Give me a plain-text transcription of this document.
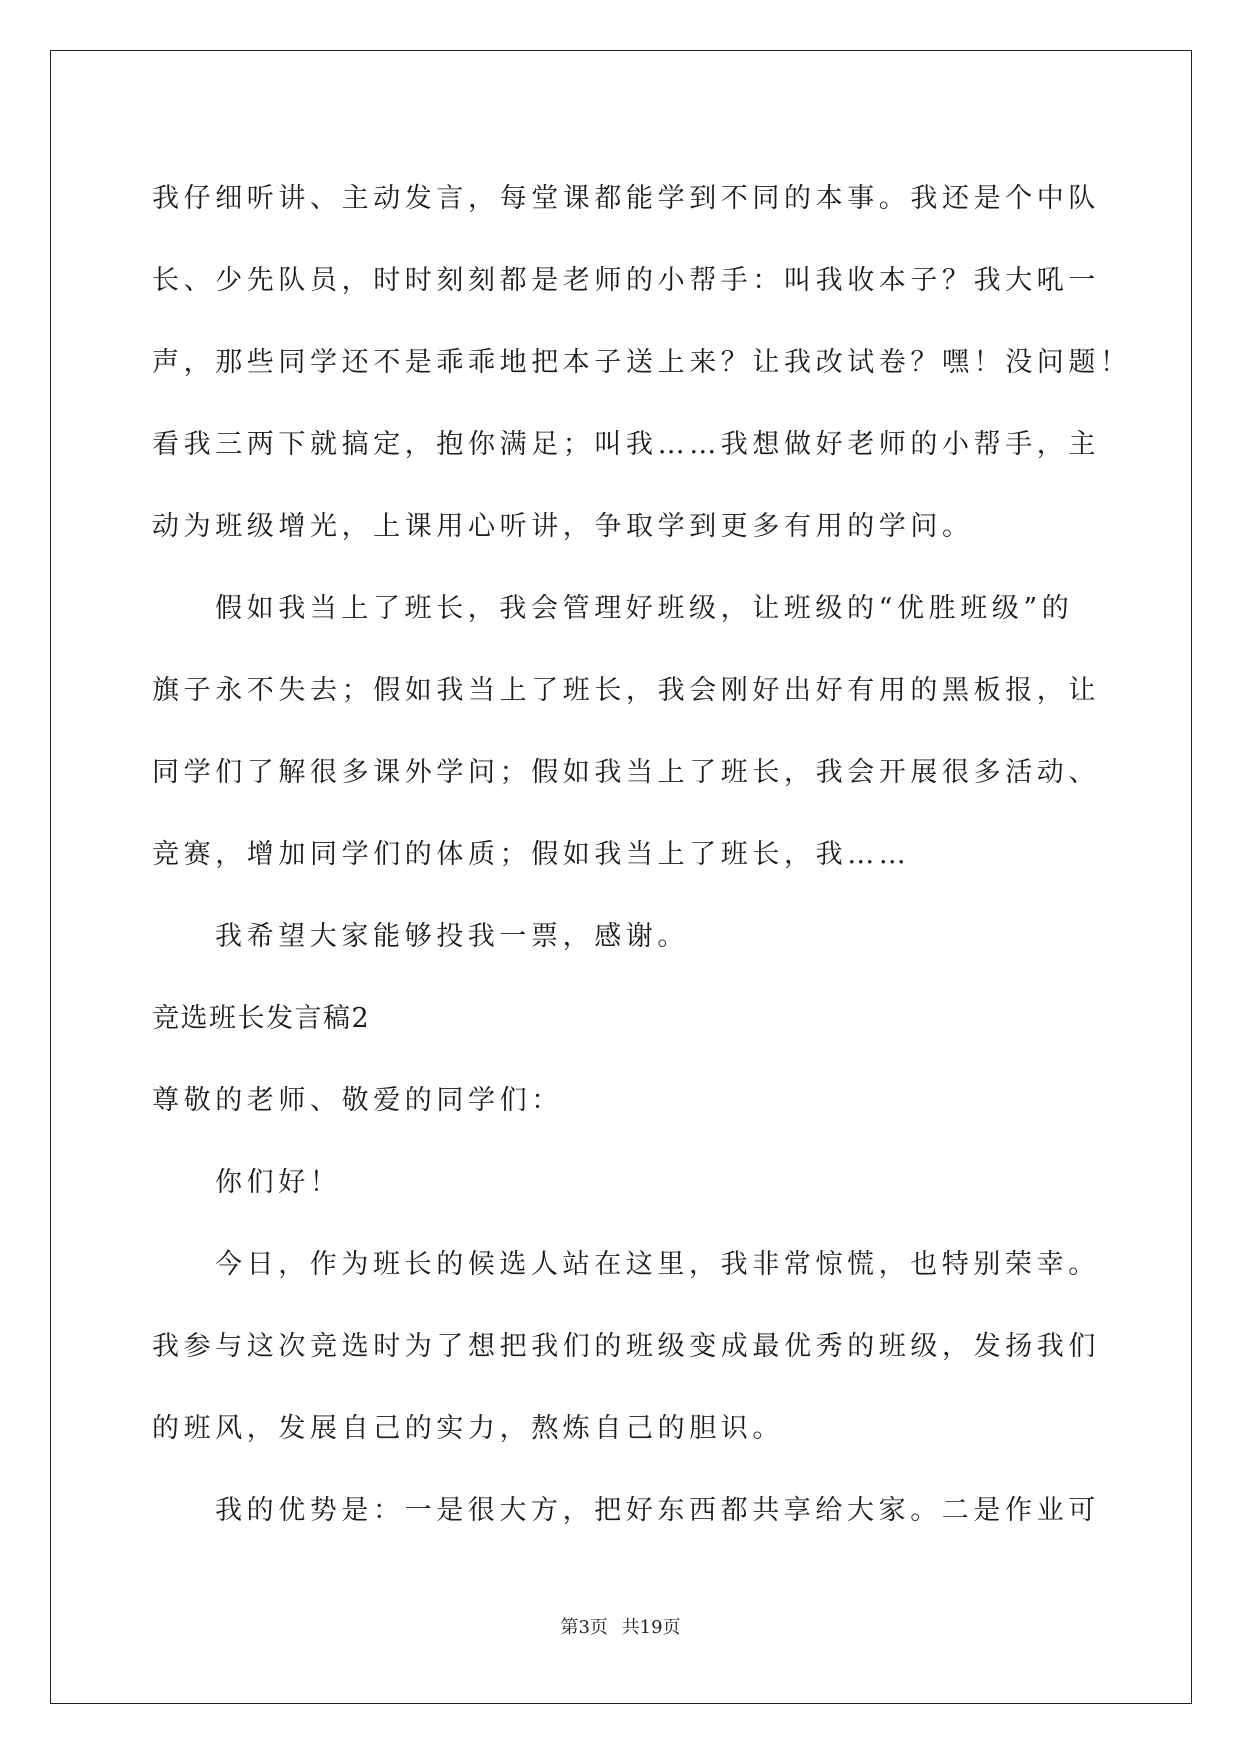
我仔细听讲、主动发言，每堂课都能学到不同的本事。我还是个中队

长、少先队员，时时刻刻都是老师的小帮手：叫我收本子？我大吼一

声，那些同学还不是乖乖地把本子送上来？让我改试卷？嘿！没问题！

看我三两下就搞定，抱你满足；叫我……我想做好老师的小帮手，主

动为班级增光，上课用心听讲，争取学到更多有用的学问。

假如我当上了班长，我会管理好班级，让班级的“优胜班级”的

旗子永不失去；假如我当上了班长，我会刚好出好有用的黑板报，让

同学们了解很多课外学问；假如我当上了班长，我会开展很多活动、

竞赛，增加同学们的体质；假如我当上了班长，我……

我希望大家能够投我一票，感谢。

竞选班长发言稿2

尊敬的老师、敬爱的同学们：

你们好！

今日，作为班长的候选人站在这里，我非常惊慌，也特别荣幸。

我参与这次竞选时为了想把我们的班级变成最优秀的班级，发扬我们

的班风，发展自己的实力，熬炼自己的胆识。

我的优势是：一是很大方，把好东西都共享给大家。二是作业可

第3页 共19页
